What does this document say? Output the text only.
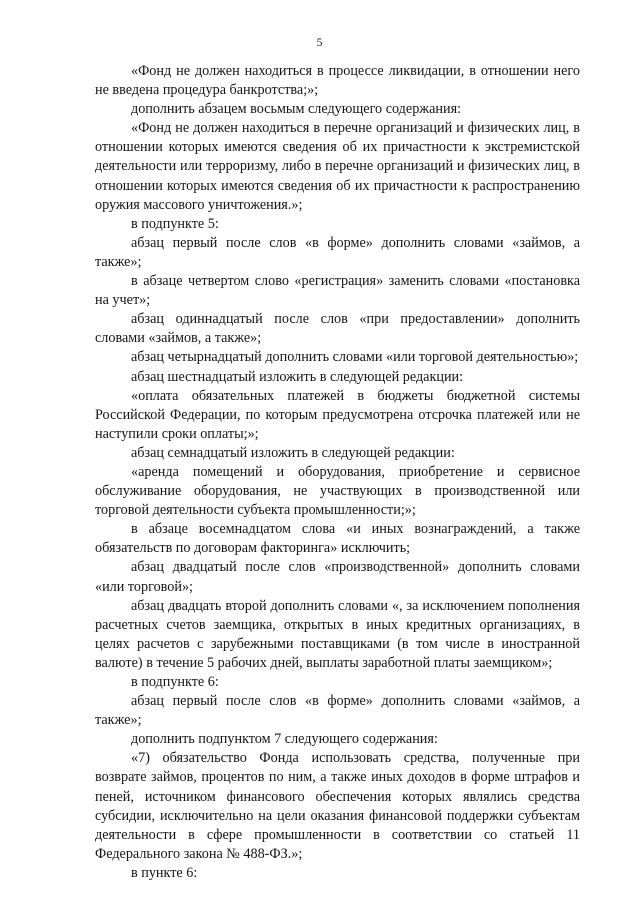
5

«Фонд не должен находиться в процессе ликвидации, в отношении него не введена процедура банкротства;»;

дополнить абзацем восьмым следующего содержания:

«Фонд не должен находиться в перечне организаций и физических лиц, в отношении которых имеются сведения об их причастности к экстремистской деятельности или терроризму, либо в перечне организаций и физических лиц, в отношении которых имеются сведения об их причастности к распространению оружия массового уничтожения.»;

в подпункте 5:

абзац первый после слов «в форме» дополнить словами «займов, а также»;

в абзаце четвертом слово «регистрация» заменить словами «постановка на учет»;

абзац одиннадцатый после слов «при предоставлении» дополнить словами «займов, а также»;

абзац четырнадцатый дополнить словами «или торговой деятельностью»;

абзац шестнадцатый изложить в следующей редакции:

«оплата обязательных платежей в бюджеты бюджетной системы Российской Федерации, по которым предусмотрена отсрочка платежей или не наступили сроки оплаты;»;

абзац семнадцатый изложить в следующей редакции:

«аренда помещений и оборудования, приобретение и сервисное обслуживание оборудования, не участвующих в производственной или торговой деятельности субъекта промышленности;»;

в абзаце восемнадцатом слова «и иных вознаграждений, а также обязательств по договорам факторинга» исключить;

абзац двадцатый после слов «производственной» дополнить словами «или торговой»;

абзац двадцать второй дополнить словами «, за исключением пополнения расчетных счетов заемщика, открытых в иных кредитных организациях, в целях расчетов с зарубежными поставщиками (в том числе в иностранной валюте) в течение 5 рабочих дней, выплаты заработной платы заемщиком»;

в подпункте 6:

абзац первый после слов «в форме» дополнить словами «займов, а также»;

дополнить подпунктом 7 следующего содержания:

«7) обязательство Фонда использовать средства, полученные при возврате займов, процентов по ним, а также иных доходов в форме штрафов и пеней, источником финансового обеспечения которых являлись средства субсидии, исключительно на цели оказания финансовой поддержки субъектам деятельности в сфере промышленности в соответствии со статьей 11 Федерального закона № 488-ФЗ.»;

в пункте 6:
